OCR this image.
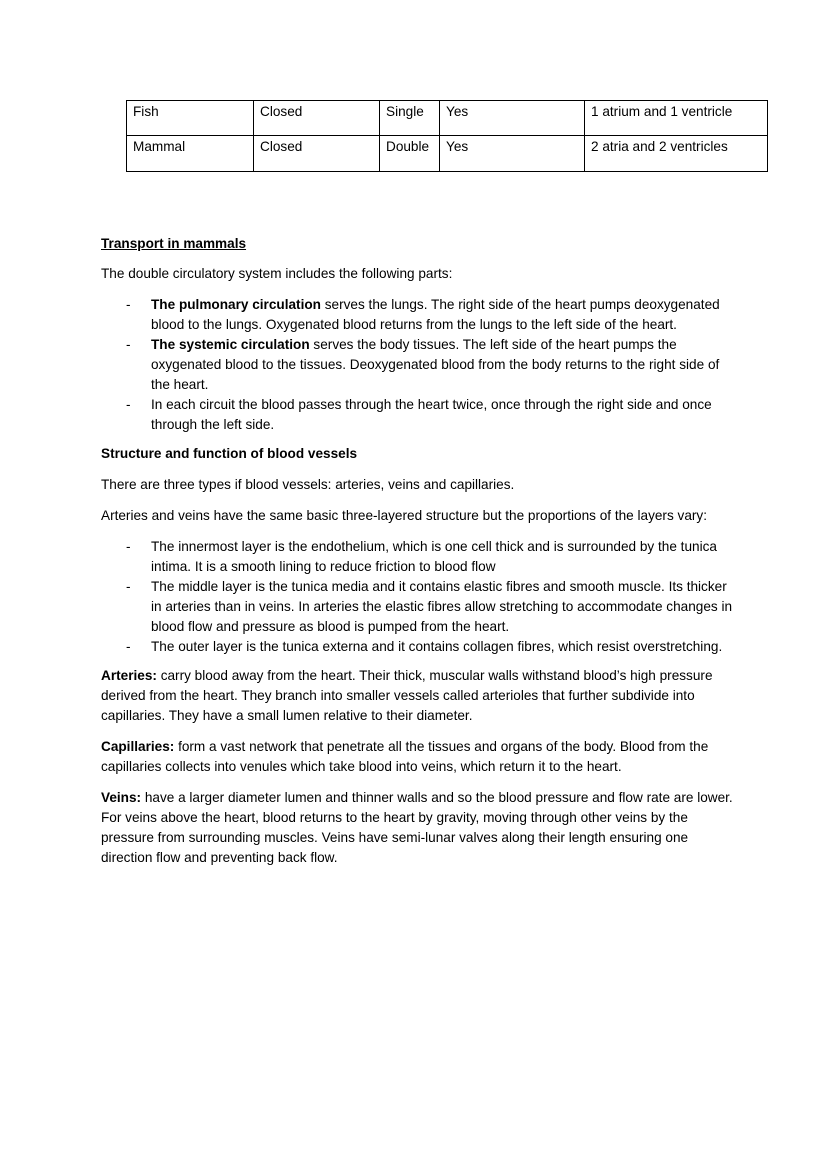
Fish	Closed	Single	Yes	1 atrium and 1 ventricle
Mammal	Closed	Double	Yes	2 atria and 2 ventricles

Transport in mammals

The double circulatory system includes the following parts:

- The pulmonary circulation serves the lungs. The right side of the heart pumps deoxygenated blood to the lungs. Oxygenated blood returns from the lungs to the left side of the heart.
- The systemic circulation serves the body tissues. The left side of the heart pumps the oxygenated blood to the tissues. Deoxygenated blood from the body returns to the right side of the heart.
- In each circuit the blood passes through the heart twice, once through the right side and once through the left side.

Structure and function of blood vessels

There are three types if blood vessels: arteries, veins and capillaries.

Arteries and veins have the same basic three-layered structure but the proportions of the layers vary:

- The innermost layer is the endothelium, which is one cell thick and is surrounded by the tunica intima. It is a smooth lining to reduce friction to blood flow
- The middle layer is the tunica media and it contains elastic fibres and smooth muscle. Its thicker in arteries than in veins. In arteries the elastic fibres allow stretching to accommodate changes in blood flow and pressure as blood is pumped from the heart.
- The outer layer is the tunica externa and it contains collagen fibres, which resist overstretching.

Arteries: carry blood away from the heart. Their thick, muscular walls withstand blood’s high pressure derived from the heart. They branch into smaller vessels called arterioles that further subdivide into capillaries. They have a small lumen relative to their diameter.

Capillaries: form a vast network that penetrate all the tissues and organs of the body. Blood from the capillaries collects into venules which take blood into veins, which return it to the heart.

Veins: have a larger diameter lumen and thinner walls and so the blood pressure and flow rate are lower. For veins above the heart, blood returns to the heart by gravity, moving through other veins by the pressure from surrounding muscles. Veins have semi-lunar valves along their length ensuring one direction flow and preventing back flow.
